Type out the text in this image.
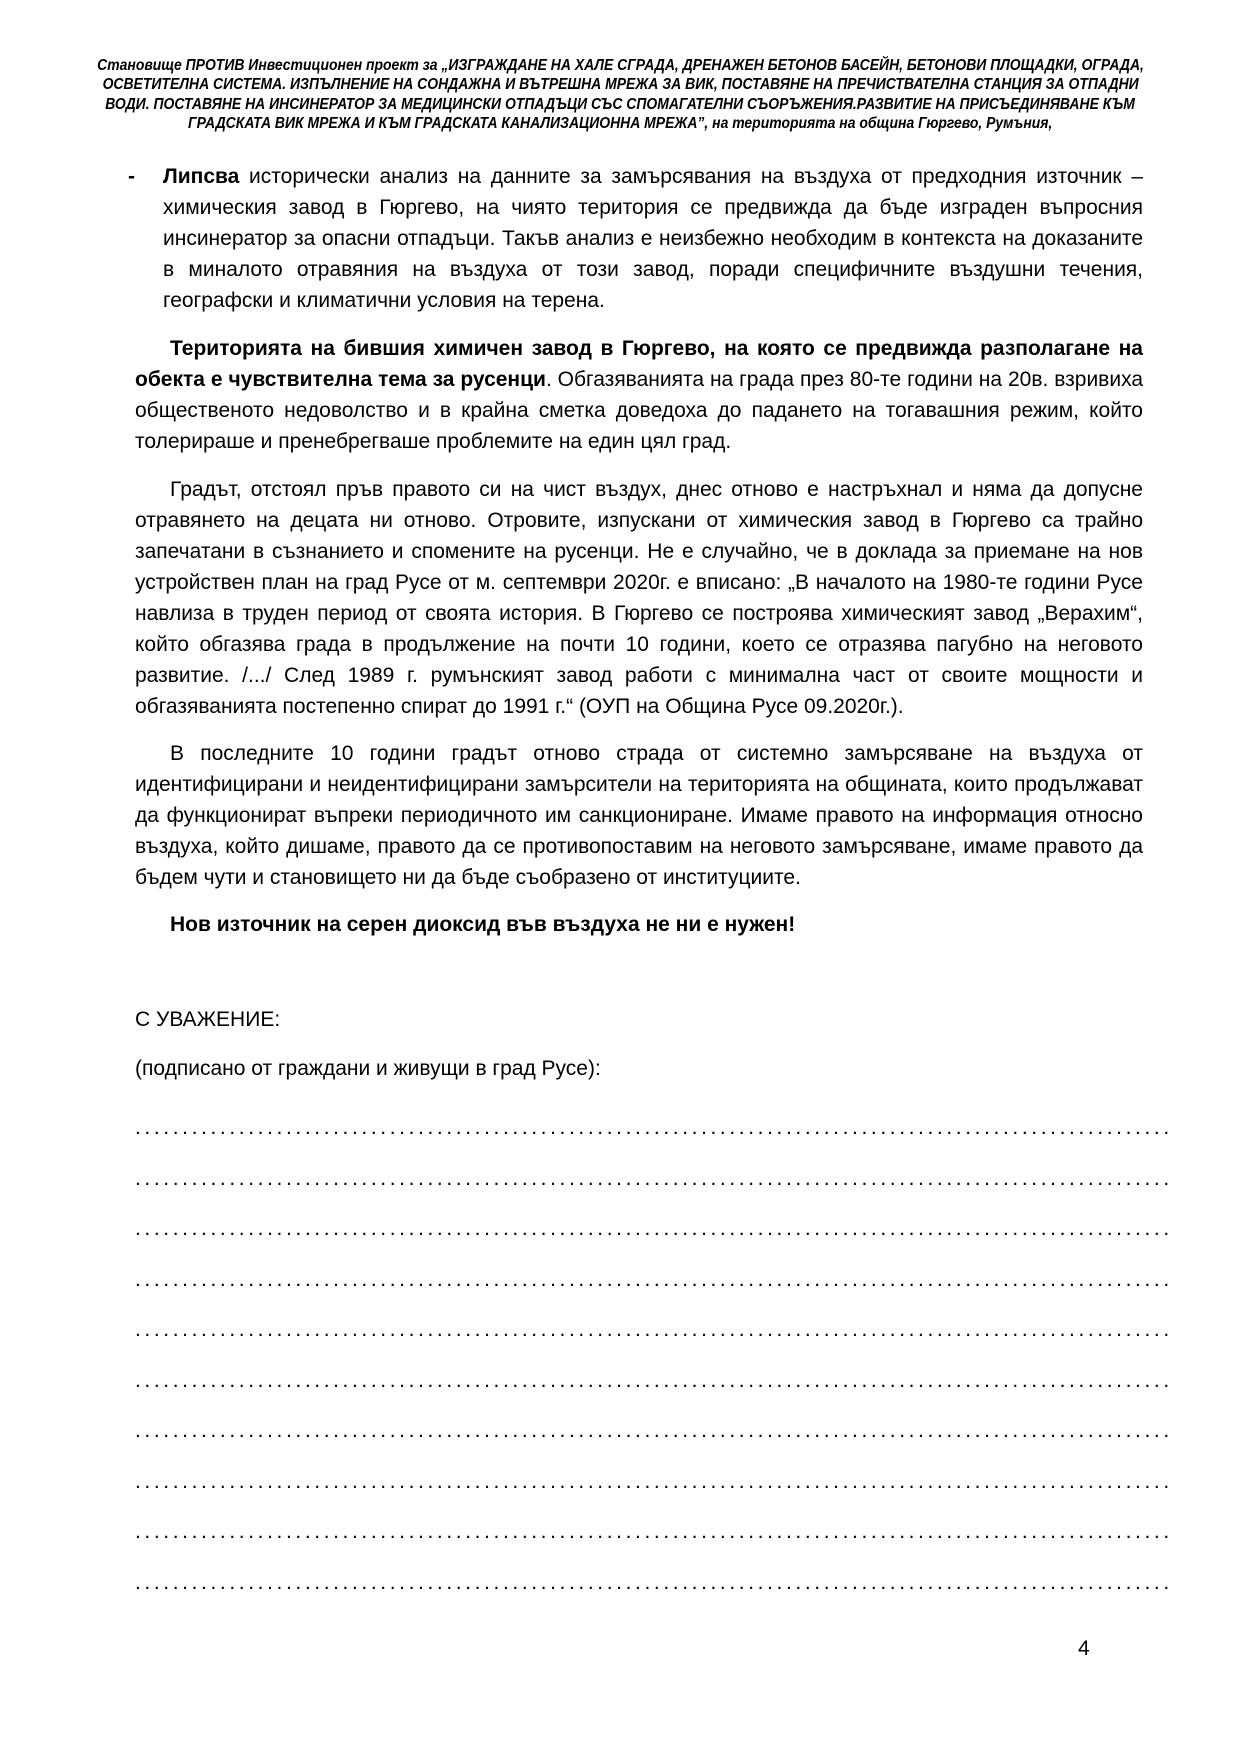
Становище ПРОТИВ Инвестиционен проект за „ИЗГРАЖДАНЕ НА ХАЛЕ СГРАДА, ДРЕНАЖЕН БЕТОНОВ БАСЕЙН, БЕТОНОВИ ПЛОЩАДКИ, ОГРАДА,
ОСВЕТИТЕЛНА СИСТЕМА. ИЗПЪЛНЕНИЕ НА СОНДАЖНА И ВЪТРЕШНА МРЕЖА ЗА ВИК, ПОСТАВЯНЕ НА ПРЕЧИСТВАТЕЛНА СТАНЦИЯ ЗА ОТПАДНИ
ВОДИ. ПОСТАВЯНЕ НА ИНСИНЕРАТОР ЗА МЕДИЦИНСКИ ОТПАДЪЦИ СЪС СПОМАГАТЕЛНИ СЪОРЪЖЕНИЯ.РАЗВИТИЕ НА ПРИСЪЕДИНЯВАНЕ КЪМ
ГРАДСКАТА ВИК МРЕЖА И КЪМ ГРАДСКАТА КАНАЛИЗАЦИОННА МРЕЖА”, на територията на община Гюргево, Румъния,

- Липсва исторически анализ на данните за замърсявания на въздуха от предходния източник – химическия завод в Гюргево, на чиято територия се предвижда да бъде изграден въпросния инсинератор за опасни отпадъци. Такъв анализ е неизбежно необходим в контекста на доказаните в миналото отравяния на въздуха от този завод, поради специфичните въздушни течения, географски и климатични условия на терена.

Територията на бившия химичен завод в Гюргево, на която се предвижда разполагане на обекта е чувствителна тема за русенци. Обгазяванията на града през 80-те години на 20в. взривиха общественото недоволство и в крайна сметка доведоха до падането на тогавашния режим, който толерираше и пренебрегваше проблемите на един цял град.

Градът, отстоял пръв правото си на чист въздух, днес отново е настръхнал и няма да допусне отравянето на децата ни отново. Отровите, изпускани от химическия завод в Гюргево са трайно запечатани в съзнанието и спомените на русенци. Не е случайно, че в доклада за приемане на нов устройствен план на град Русе от м. септември 2020г. е вписано: „В началото на 1980-те години Русе навлиза в труден период от своята история. В Гюргево се построява химическият завод „Верахим“, който обгазява града в продължение на почти 10 години, което се отразява пагубно на неговото развитие. /.../ След 1989 г. румънският завод работи с минимална част от своите мощности и обгазяванията постепенно спират до 1991 г.“ (ОУП на Община Русе 09.2020г.).

В последните 10 години градът отново страда от системно замърсяване на въздуха от идентифицирани и неидентифицирани замърсители на територията на общината, които продължават да функционират въпреки периодичното им санкциониране. Имаме правото на информация относно въздуха, който дишаме, правото да се противопоставим на неговото замърсяване, имаме правото да бъдем чути и становището ни да бъде съобразено от институциите.

Нов източник на серен диоксид във въздуха не ни е нужен!

С УВАЖЕНИЕ:

(подписано от граждани и живущи в град Русе):

..............................................................................................................
..............................................................................................................
..............................................................................................................
..............................................................................................................
..............................................................................................................
..............................................................................................................
..............................................................................................................
..............................................................................................................
..............................................................................................................
..............................................................................................................
4
